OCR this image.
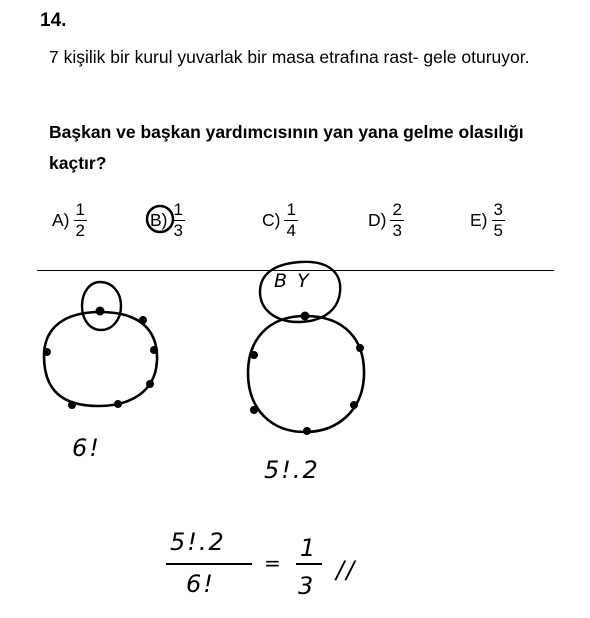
14.
7 kişilik bir kurul yuvarlak bir masa etrafına rast- gele oturuyor.
Başkan ve başkan yardımcısının yan yana gelme olasılığı kaçtır?
$A) \frac{1}{2}$	$B) \frac{1}{3}$	$C) \frac{1}{4}$	$D) \frac{2}{3}$	$E) \frac{3}{5}$
B Y
6!
5!.2
5!.2
6!
=
1
3
//
